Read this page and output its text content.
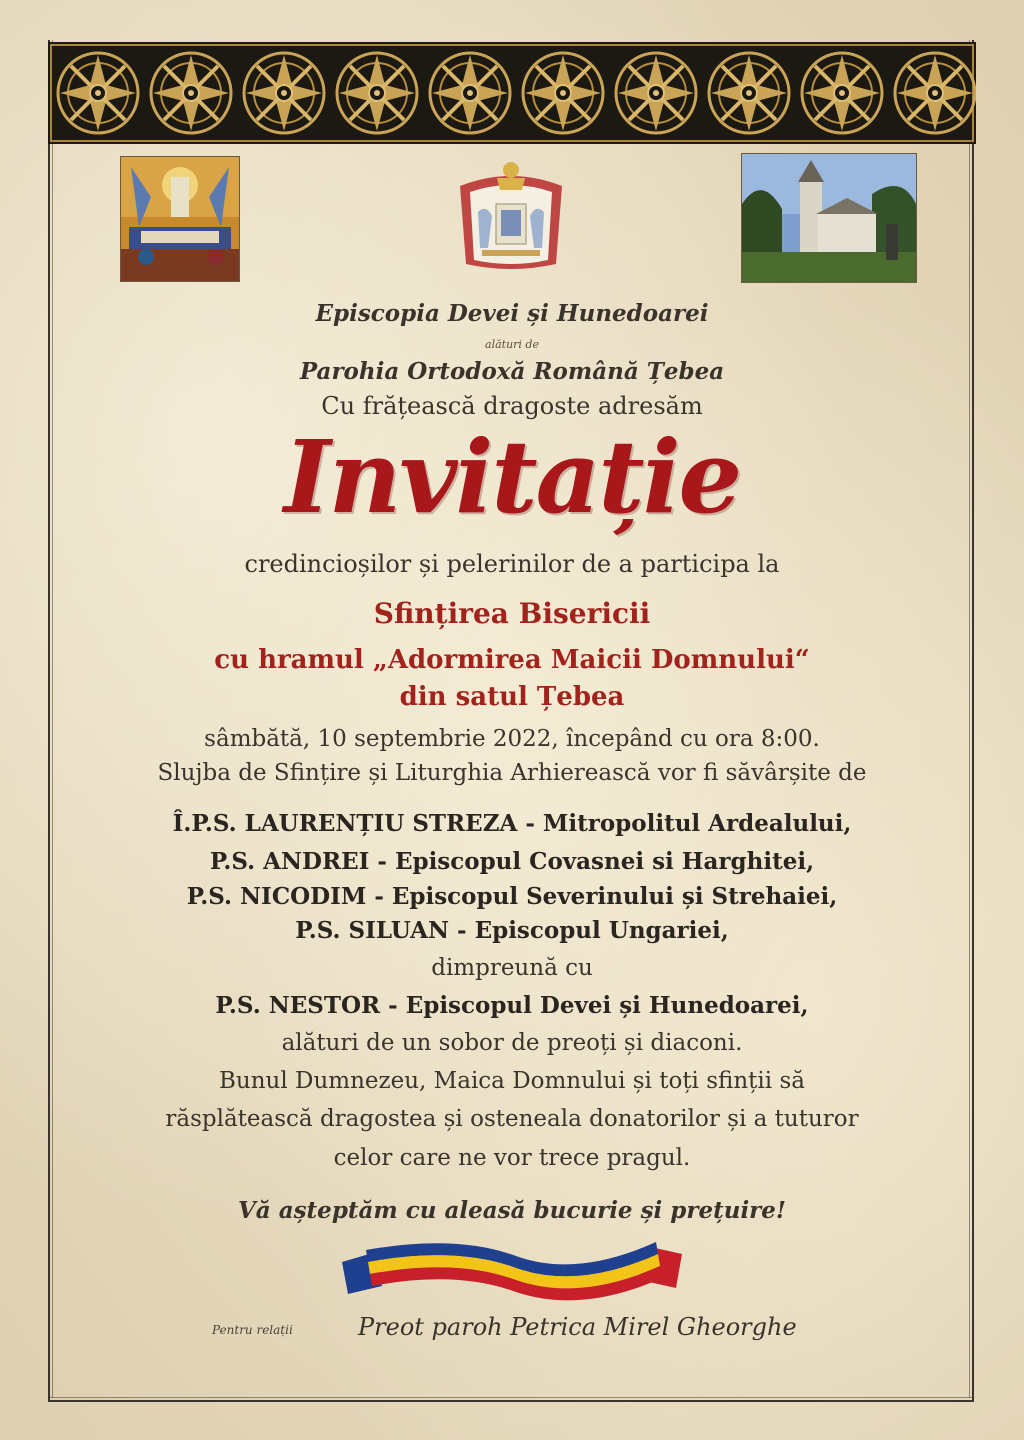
Episcopia Devei și Hunedoarei
alături de
Parohia Ortodoxă Română Țebea
Cu frățească dragoste adresăm
Invitație
credincioșilor și pelerinilor de a participa la
Sfințirea Bisericii
cu hramul „Adormirea Maicii Domnului“
din satul Țebea
sâmbătă, 10 septembrie 2022, începând cu ora 8:00.
Slujba de Sfințire și Liturghia Arhierească vor fi săvârșite de
Î.P.S. LAURENȚIU STREZA - Mitropolitul Ardealului,
P.S. ANDREI - Episcopul Covasnei si Harghitei,
P.S. NICODIM - Episcopul Severinului și Strehaiei,
P.S. SILUAN - Episcopul Ungariei,
dimpreună cu
P.S. NESTOR - Episcopul Devei și Hunedoarei,
alături de un sobor de preoți și diaconi.
Bunul Dumnezeu, Maica Domnului și toți sfinții să
răsplătească dragostea și osteneala donatorilor și a tuturor
celor care ne vor trece pragul.
Vă așteptăm cu aleasă bucurie și prețuire!
Pentru relații	Preot paroh Petrica Mirel Gheorghe
